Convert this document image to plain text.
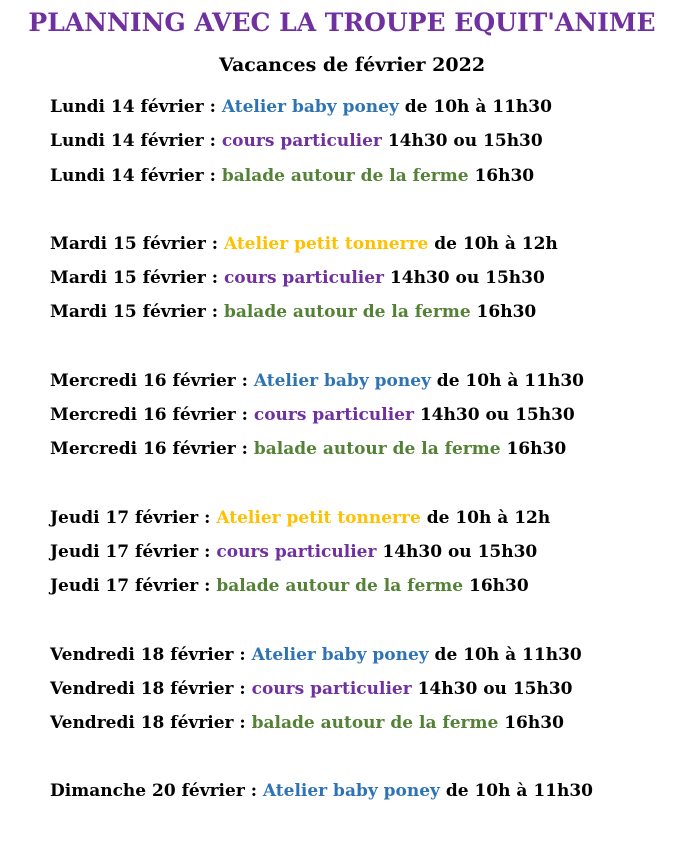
PLANNING AVEC LA TROUPE EQUIT'ANIME
Vacances de février 2022
Lundi 14 février : Atelier baby poney de 10h à 11h30
Lundi 14 février : cours particulier 14h30 ou 15h30
Lundi 14 février : balade autour de la ferme 16h30
Mardi 15 février : Atelier petit tonnerre de 10h à 12h
Mardi 15 février : cours particulier 14h30 ou 15h30
Mardi 15 février : balade autour de la ferme 16h30
Mercredi 16 février : Atelier baby poney de 10h à 11h30
Mercredi 16 février : cours particulier 14h30 ou 15h30
Mercredi 16 février : balade autour de la ferme 16h30
Jeudi 17 février : Atelier petit tonnerre de 10h à 12h
Jeudi 17 février : cours particulier 14h30 ou 15h30
Jeudi 17 février : balade autour de la ferme 16h30
Vendredi 18 février : Atelier baby poney de 10h à 11h30
Vendredi 18 février : cours particulier 14h30 ou 15h30
Vendredi 18 février : balade autour de la ferme 16h30
Dimanche 20 février : Atelier baby poney de 10h à 11h30
